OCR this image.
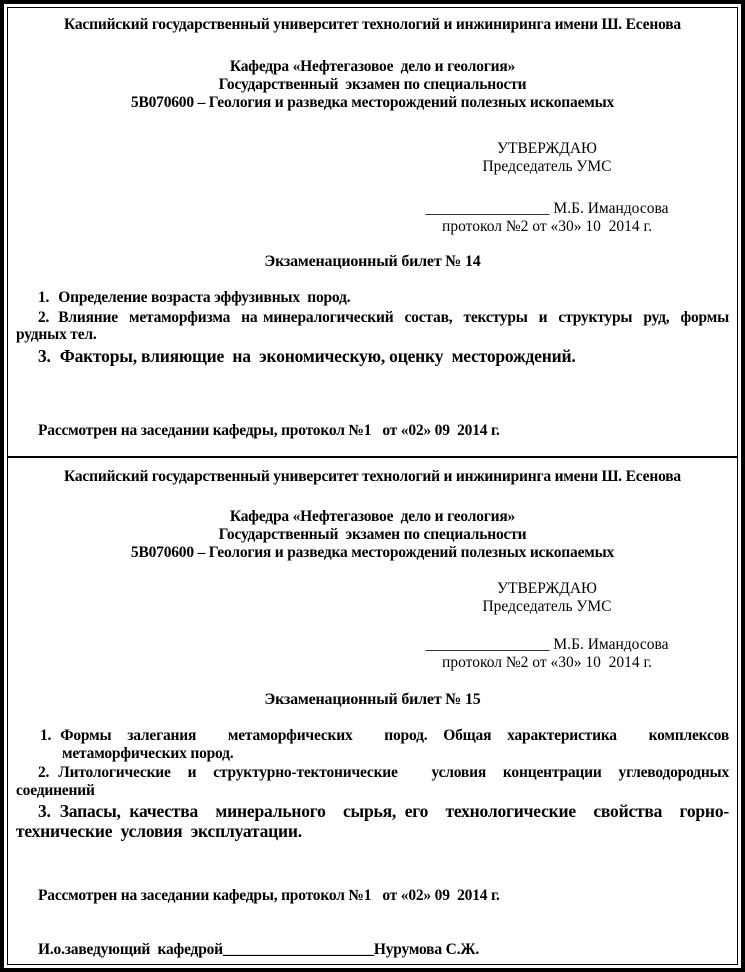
Каспийский государственный университет технологий и инжиниринга имени Ш. Есенова
Кафедра «Нефтегазовое  дело и геология»
Государственный  экзамен по специальности
5В070600 – Геология и разведка месторождений полезных ископаемых
УТВЕРЖДАЮ
Председатель УМС
________________ М.Б. Имандосова
протокол №2 от «30» 10  2014 г.
Экзаменационный билет № 14

1. Определение возраста эффузивных  пород.

2. Влияние  метаморфизма  на минералогический  состав,  текстуры  и  структуры  руд,  формы  рудных тел.

3. Факторы, влияющие  на  экономическую, оценку  месторождений.

Рассмотрен на заседании кафедры, протокол №1   от «02» 09  2014 г.
Каспийский государственный университет технологий и инжиниринга имени Ш. Есенова
Кафедра «Нефтегазовое  дело и геология»
Государственный  экзамен по специальности
5В070600 – Геология и разведка месторождений полезных ископаемых
УТВЕРЖДАЮ
Председатель УМС
________________ М.Б. Имандосова
протокол №2 от «30» 10  2014 г.
Экзаменационный билет № 15

1. Формы залегания  метаморфических  пород. Общая характеристика  комплексов метаморфических пород.

2. Литологические и структурно-тектонические  условия концентрации углеводородных  соединений

3. Запасы, качества  минерального  сырья, его  технологические  свойства  горно-технические  условия  эксплуатации.

Рассмотрен на заседании кафедры, протокол №1   от «02» 09  2014 г.
И.о.заведующий  кафедрой____________________Нурумова С.Ж.
